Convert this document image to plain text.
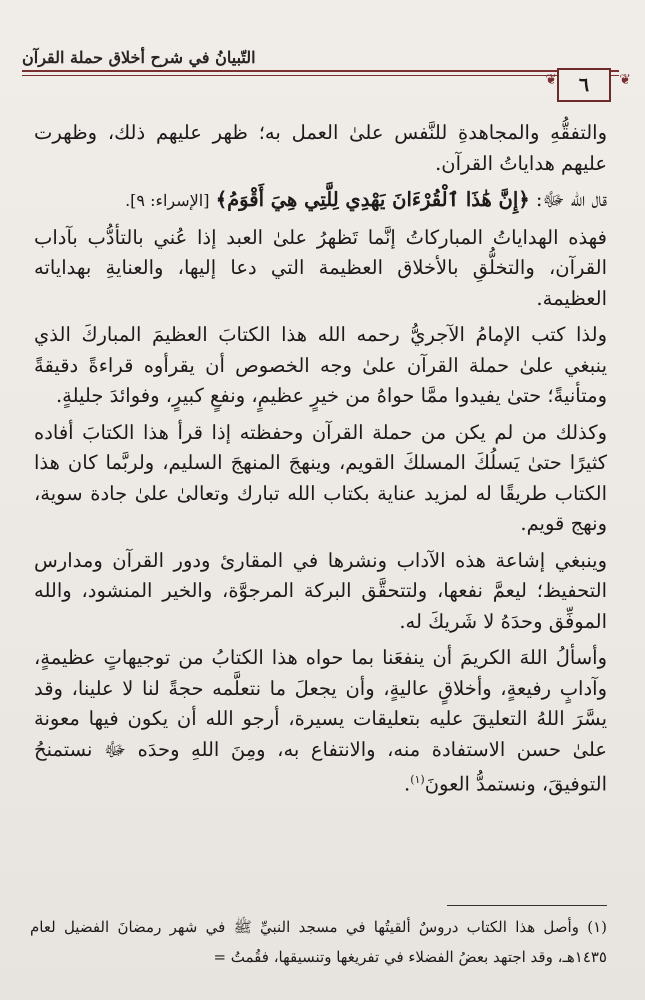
التّبيانُ في شرح أخلاق حملة القرآن
❦
❦	٦

والتفقُّهِ والمجاهدةِ للنَّفس علىٰ العمل به؛ ظهر عليهم ذلك، وظهرت عليهم هداياتُ القرآن.

قال الله ﷻ: ﴿إِنَّ هَٰذَا ٱلْقُرْءَانَ يَهْدِي لِلَّتِي هِيَ أَقْوَمُ﴾ [الإسراء: ٩].

فهذه الهداياتُ المباركاتُ إنَّما تَظهرُ علىٰ العبد إذا عُني بالتأدُّب بآداب القرآن، والتخلُّقِ بالأخلاق العظيمة التي دعا إليها، والعنايةِ بهداياته العظيمة.

ولذا كتب الإمامُ الآجريُّ رحمه الله هذا الكتابَ العظيمَ المباركَ الذي ينبغي علىٰ حملة القرآن علىٰ وجه الخصوص أن يقرأوه قراءةً دقيقةً ومتأنيةً؛ حتىٰ يفيدوا ممَّا حواهُ من خيرٍ عظيمٍ، ونفعٍ كبيرٍ، وفوائدَ جليلةٍ.

وكذلك من لم يكن من حملة القرآن وحفظته إذا قرأ هذا الكتابَ أفاده كثيرًا حتىٰ يَسلُكَ المسلكَ القويم، وينهجَ المنهجَ السليم، ولربَّما كان هذا الكتاب طريقًا له لمزيد عناية بكتاب الله تبارك وتعالىٰ علىٰ جادة سوية، ونهج قويم.

وينبغي إشاعة هذه الآداب ونشرها في المقارئ ودور القرآن ومدارس التحفيظ؛ ليعمَّ نفعها، ولتتحقَّق البركة المرجوَّة، والخير المنشود، والله الموفِّق وحدَهُ لا شَريكَ له.

وأسألُ اللهَ الكريمَ أن ينفعَنا بما حواه هذا الكتابُ من توجيهاتٍ عظيمةٍ، وآدابٍ رفيعةٍ، وأخلاقٍ عاليةٍ، وأن يجعلَ ما نتعلَّمه حجةً لنا لا علينا، وقد يسَّرَ اللهُ التعليقَ عليه بتعليقات يسيرة، أرجو الله أن يكون فيها معونة علىٰ حسن الاستفادة منه، والانتفاع به، ومِنَ اللهِ وحدَه ﷻ نستمنحُ التوفيقَ، ونستمدُّ العونَ$^{(١)}$.

(١) وأصل هذا الكتاب دروسٌ ألقيتُها في مسجد النبيِّ ﷺ في شهر رمضانَ الفضيل لعام ١٤٣٥هـ، وقد اجتهد بعضُ الفضلاء في تفريغها وتنسيقها، فقُمتُ =
